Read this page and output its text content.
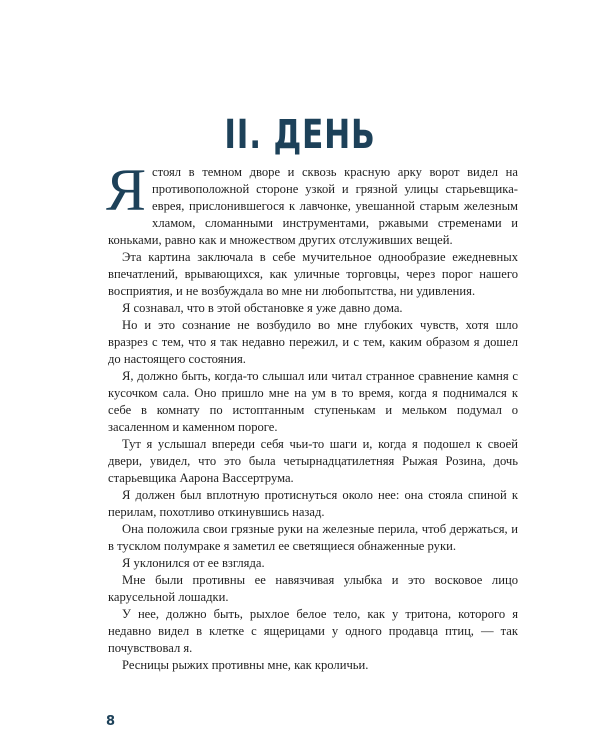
II. ДЕНЬ

Ястоял в темном дворе и сквозь красную арку ворот видел на противоположной стороне узкой и грязной улицы старьевщика-еврея, прислонившегося к лавчонке, увешанной старым железным хламом, сломанными инструментами, ржавыми стременами и коньками, равно как и множеством других отслуживших вещей.

Эта картина заключала в себе мучительное однообразие ежедневных впечатлений, врывающихся, как уличные торговцы, через порог нашего восприятия, и не возбуждала во мне ни любопытства, ни удивления.

Я сознавал, что в этой обстановке я уже давно дома.

Но и это сознание не возбудило во мне глубоких чувств, хотя шло вразрез с тем, что я так недавно пережил, и с тем, каким образом я дошел до настоящего состояния.

Я, должно быть, когда-то слышал или читал странное сравнение камня с кусочком сала. Оно пришло мне на ум в то время, когда я поднимался к себе в комнату по истоптанным ступенькам и мельком подумал о засаленном и каменном пороге.

Тут я услышал впереди себя чьи-то шаги и, когда я подошел к своей двери, увидел, что это была четырнадцатилетняя Рыжая Розина, дочь старьевщика Аарона Вассертрума.

Я должен был вплотную протиснуться около нее: она стояла спиной к перилам, похотливо откинувшись назад.

Она положила свои грязные руки на железные перила, чтоб держаться, и в тусклом полумраке я заметил ее светящиеся обнаженные руки.

Я уклонился от ее взгляда.

Мне были противны ее навязчивая улыбка и это восковое лицо карусельной лошадки.

У нее, должно быть, рыхлое белое тело, как у тритона, которого я недавно видел в клетке с ящерицами у одного продавца птиц, — так почувствовал я.

Ресницы рыжих противны мне, как кроличьи.

8
